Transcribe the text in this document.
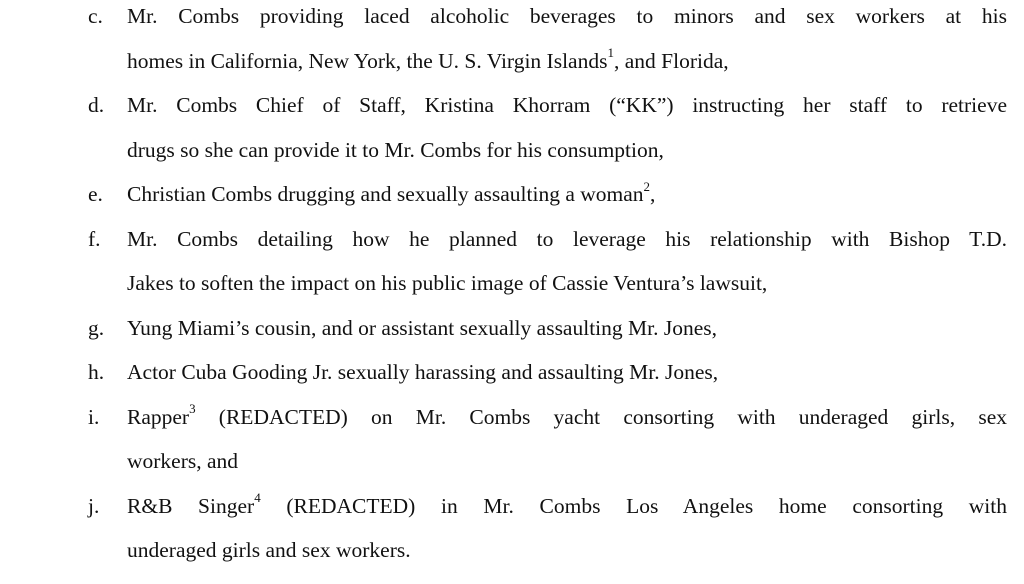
c. Mr. Combs providing laced alcoholic beverages to minors and sex workers at his
homes in California, New York, the U. S. Virgin Islands$^1$, and Florida,
d. Mr. Combs Chief of Staff, Kristina Khorram (“KK”) instructing her staff to retrieve
drugs so she can provide it to Mr. Combs for his consumption,
e. Christian Combs drugging and sexually assaulting a woman$^2$,
f. Mr. Combs detailing how he planned to leverage his relationship with Bishop T.D.
Jakes to soften the impact on his public image of Cassie Ventura’s lawsuit,
g. Yung Miami’s cousin, and or assistant sexually assaulting Mr. Jones,
h. Actor Cuba Gooding Jr. sexually harassing and assaulting Mr. Jones,
i. Rapper$^3$ (REDACTED) on Mr. Combs yacht consorting with underaged girls, sex
workers, and
j. R&B Singer$^4$ (REDACTED) in Mr. Combs Los Angeles home consorting with
underaged girls and sex workers.
